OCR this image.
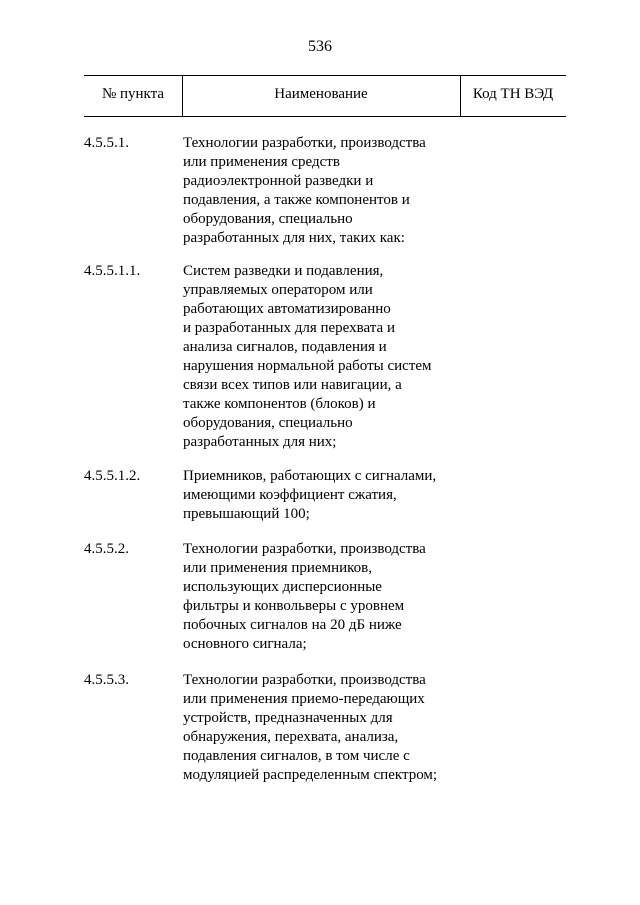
536
№ пункта	Наименование	Код ТН ВЭД
4.5.5.1.	Технологии разработки, производства
или применения средств
радиоэлектронной разведки и
подавления, а также компонентов и
оборудования, специально
разработанных для них, таких как:
4.5.5.1.1.	Систем разведки и подавления,
управляемых оператором или
работающих автоматизированно
и разработанных для перехвата и
анализа сигналов, подавления и
нарушения нормальной работы систем
связи всех типов или навигации, а
также компонентов (блоков) и
оборудования, специально
разработанных для них;
4.5.5.1.2.	Приемников, работающих с сигналами,
имеющими коэффициент сжатия,
превышающий 100;
4.5.5.2.	Технологии разработки, производства
или применения приемников,
использующих дисперсионные
фильтры и конвольверы с уровнем
побочных сигналов на 20 дБ ниже
основного сигнала;
4.5.5.3.	Технологии разработки, производства
или применения приемо-передающих
устройств, предназначенных для
обнаружения, перехвата, анализа,
подавления сигналов, в том числе с
модуляцией распределенным спектром;
